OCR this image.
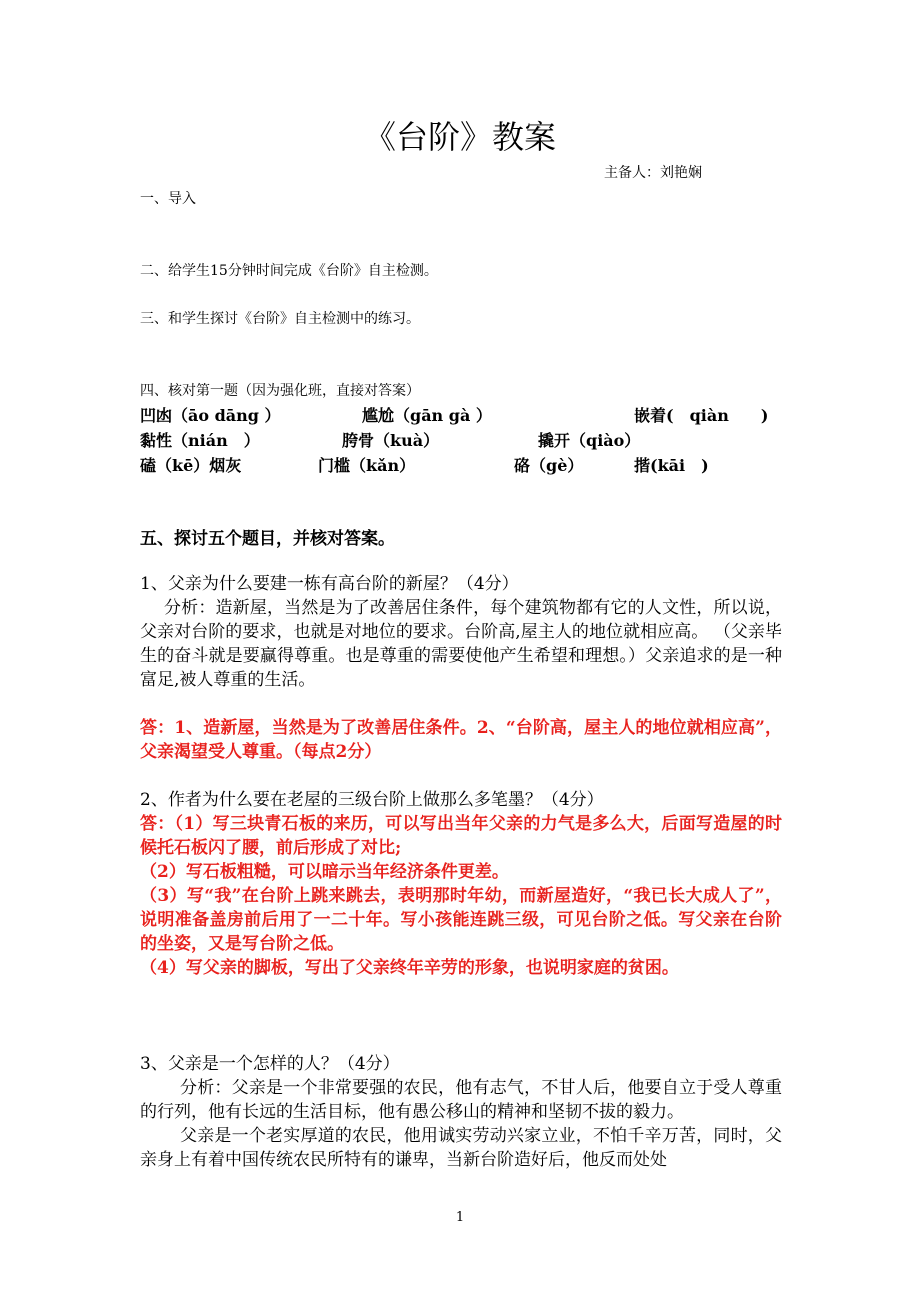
《台阶》教案
主备人：刘艳娴
一、导入
二、给学生15分钟时间完成《台阶》自主检测。
三、和学生探讨《台阶》自主检测中的练习。
四、核对第一题（因为强化班，直接对答案）
凹凼（āo dāng ）	尴尬（gān gà ）	嵌着(　qiàn　　)
黏性（nián　）	胯骨（kuà）	撬开（qiào）
磕（kē）烟灰	门槛（kǎn）	硌（gè）	揩(kāi　)
五、探讨五个题目，并核对答案。
1、父亲为什么要建一栋有高台阶的新屋？（4分）
分析：造新屋，当然是为了改善居住条件，每个建筑物都有它的人文性，所以说，父亲对台阶的要求，也就是对地位的要求。台阶高,屋主人的地位就相应高。 （父亲毕生的奋斗就是要赢得尊重。也是尊重的需要使他产生希望和理想。）父亲追求的是一种富足,被人尊重的生活。
答：1、造新屋，当然是为了改善居住条件。2、“台阶高，屋主人的地位就相应高”， 父亲渴望受人尊重。（每点2分）
2、作者为什么要在老屋的三级台阶上做那么多笔墨？（4分）
答：（1）写三块青石板的来历，可以写出当年父亲的力气是多么大，后面写造屋的时候托石板闪了腰，前后形成了对比;
（2）写石板粗糙，可以暗示当年经济条件更差。
（3）写“我”在台阶上跳来跳去，表明那时年幼，而新屋造好，“我已长大成人了”，说明准备盖房前后用了一二十年。写小孩能连跳三级，可见台阶之低。写父亲在台阶的坐姿，又是写台阶之低。
（4）写父亲的脚板，写出了父亲终年辛劳的形象，也说明家庭的贫困。
3、父亲是一个怎样的人？（4分）
分析：父亲是一个非常要强的农民，他有志气，不甘人后，他要自立于受人尊重的行列，他有长远的生活目标，他有愚公移山的精神和坚韧不拔的毅力。
父亲是一个老实厚道的农民，他用诚实劳动兴家立业，不怕千辛万苦，同时，父亲身上有着中国传统农民所特有的谦卑，当新台阶造好后，他反而处处
1
